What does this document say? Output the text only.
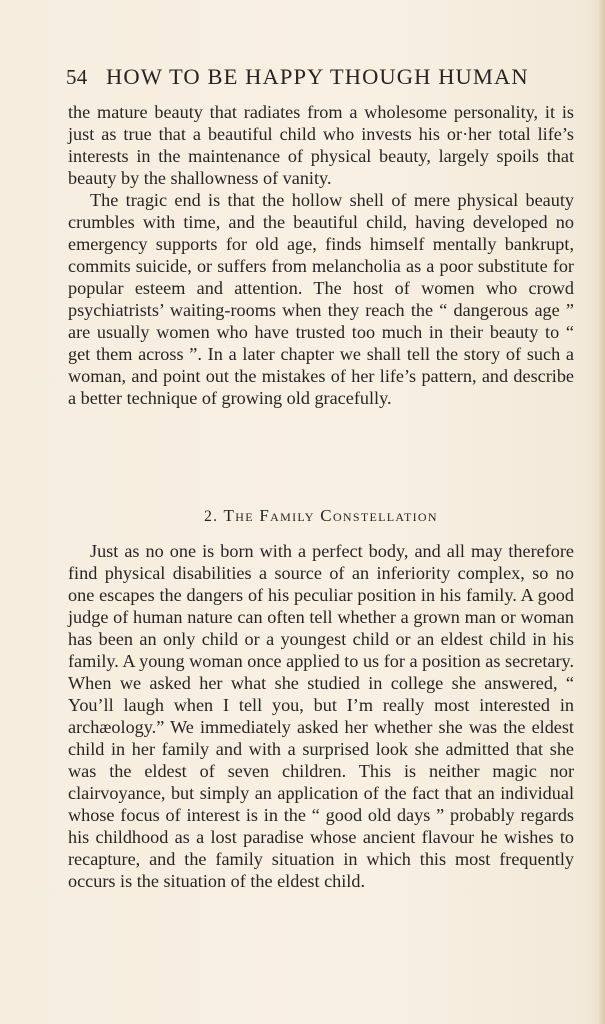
54 HOW TO BE HAPPY THOUGH HUMAN

the mature beauty that radiates from a wholesome personality, it is just as true that a beautiful child who invests his or·her total life’s interests in the maintenance of physical beauty, largely spoils that beauty by the shallowness of vanity.

The tragic end is that the hollow shell of mere physical beauty crumbles with time, and the beautiful child, having developed no emergency supports for old age, finds himself mentally bankrupt, commits suicide, or suffers from melancholia as a poor substitute for popular esteem and attention. The host of women who crowd psychiatrists’ waiting-rooms when they reach the “ dangerous age ” are usually women who have trusted too much in their beauty to “ get them across ”. In a later chapter we shall tell the story of such a woman, and point out the mistakes of her life’s pattern, and describe a better technique of growing old gracefully.

2. The Family Constellation

Just as no one is born with a perfect body, and all may therefore find physical disabilities a source of an inferiority complex, so no one escapes the dangers of his peculiar position in his family. A good judge of human nature can often tell whether a grown man or woman has been an only child or a youngest child or an eldest child in his family. A young woman once applied to us for a position as secretary. When we asked her what she studied in college she answered, “ You’ll laugh when I tell you, but I’m really most interested in archæology.” We immediately asked her whether she was the eldest child in her family and with a surprised look she admitted that she was the eldest of seven children. This is neither magic nor clairvoyance, but simply an application of the fact that an individual whose focus of interest is in the “ good old days ” probably regards his childhood as a lost paradise whose ancient flavour he wishes to recapture, and the family situation in which this most frequently occurs is the situation of the eldest child.
